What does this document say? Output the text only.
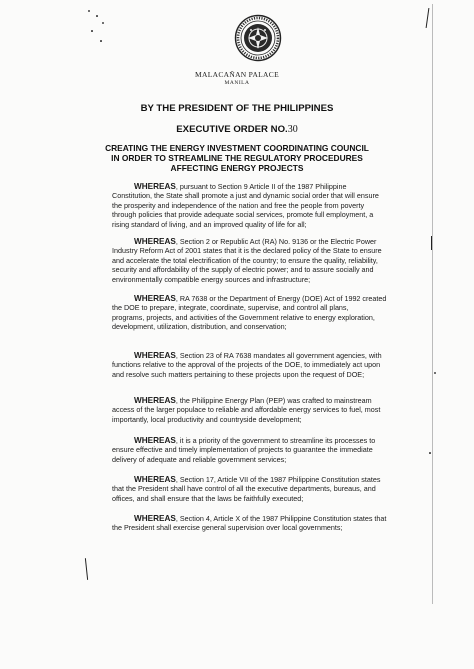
MALACAÑAN PALACE
MANILA
BY THE PRESIDENT OF THE PHILIPPINES
EXECUTIVE ORDER NO.30
CREATING THE ENERGY INVESTMENT COORDINATING COUNCIL
IN ORDER TO STREAMLINE THE REGULATORY PROCEDURES
AFFECTING ENERGY PROJECTS
WHEREAS, pursuant to Section 9 Article II of the 1987 Philippine
Constitution, the State shall promote a just and dynamic social order that will ensure
the prosperity and independence of the nation and free the people from poverty
through policies that provide adequate social services, promote full employment, a
rising standard of living, and an improved quality of life for all;
WHEREAS, Section 2 or Republic Act (RA) No. 9136 or the Electric Power
Industry Reform Act of 2001 states that it is the declared policy of the State to ensure
and accelerate the total electrification of the country; to ensure the quality, reliability,
security and affordability of the supply of electric power; and to assure socially and
environmentally compatible energy sources and infrastructure;
WHEREAS, RA 7638 or the Department of Energy (DOE) Act of 1992 created
the DOE to prepare, integrate, coordinate, supervise, and control all plans,
programs, projects, and activities of the Government relative to energy exploration,
development, utilization, distribution, and conservation;
WHEREAS, Section 23 of RA 7638 mandates all government agencies, with
functions relative to the approval of the projects of the DOE, to immediately act upon
and resolve such matters pertaining to these projects upon the request of DOE;
WHEREAS, the Philippine Energy Plan (PEP) was crafted to mainstream
access of the larger populace to reliable and affordable energy services to fuel, most
importantly, local productivity and countryside development;
WHEREAS, it is a priority of the government to streamline its processes to
ensure effective and timely implementation of projects to guarantee the immediate
delivery of adequate and reliable government services;
WHEREAS, Section 17, Article VII of the 1987 Philippine Constitution states
that the President shall have control of all the executive departments, bureaus, and
offices, and shall ensure that the laws be faithfully executed;
WHEREAS, Section 4, Article X of the 1987 Philippine Constitution states that
the President shall exercise general supervision over local governments;
